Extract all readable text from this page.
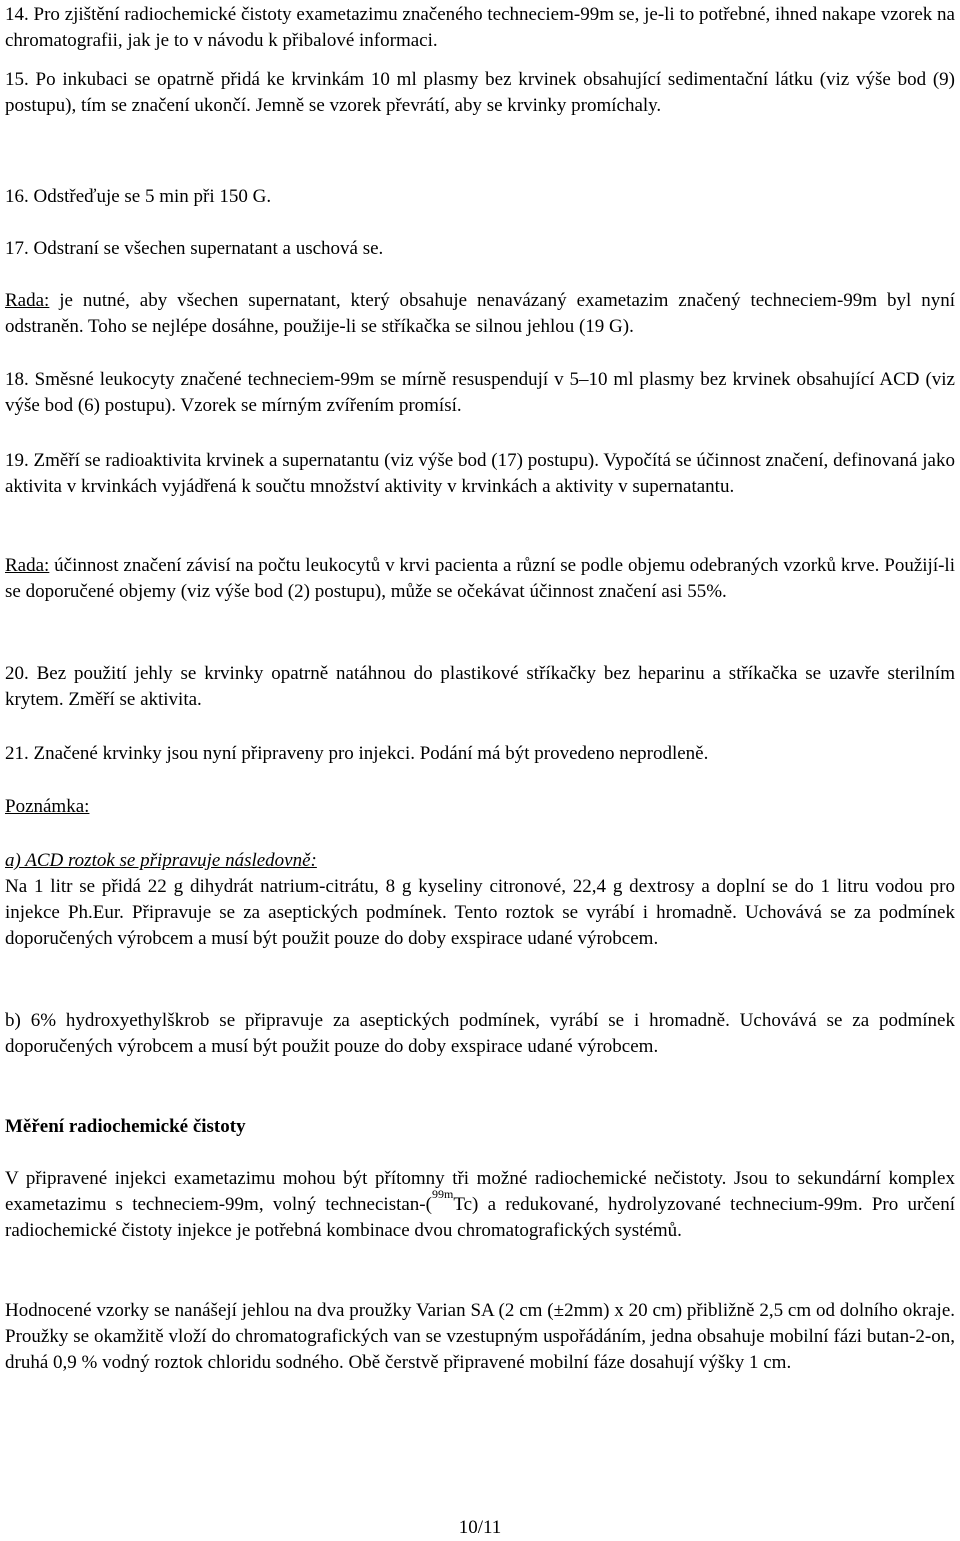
14. Pro zjištění radiochemické čistoty exametazimu značeného techneciem-99m se, je-li to potřebné, ihned nakape vzorek na chromatografii, jak je to v návodu k přibalové informaci.

15. Po inkubaci se opatrně přidá ke krvinkám 10 ml plasmy bez krvinek obsahující sedimentační látku (viz výše bod (9) postupu), tím se značení ukončí. Jemně se vzorek převrátí, aby se krvinky promíchaly.

16. Odstřeďuje se 5 min při 150 G.

17. Odstraní se všechen supernatant a uschová se.

Rada: je nutné, aby všechen supernatant, který obsahuje nenavázaný exametazim značený techneciem-99m byl nyní odstraněn. Toho se nejlépe dosáhne, použije-li se stříkačka se silnou jehlou (19 G).

18. Směsné leukocyty značené techneciem-99m se mírně resuspendují v 5–10 ml plasmy bez krvinek obsahující ACD (viz výše bod (6) postupu). Vzorek se mírným zvířením promísí.

19. Změří se radioaktivita krvinek a supernatantu (viz výše bod (17) postupu). Vypočítá se účinnost značení, definovaná jako aktivita v krvinkách vyjádřená k součtu množství aktivity v krvinkách a aktivity v supernatantu.

Rada: účinnost značení závisí na počtu leukocytů v krvi pacienta a různí se podle objemu odebraných vzorků krve. Použijí-li se doporučené objemy (viz výše bod (2) postupu), může se očekávat účinnost značení asi 55%.

20. Bez použití jehly se krvinky opatrně natáhnou do plastikové stříkačky bez heparinu a stříkačka se uzavře sterilním krytem. Změří se aktivita.

21. Značené krvinky jsou nyní připraveny pro injekci. Podání má být provedeno neprodleně.

Poznámka:

a) ACD roztok se připravuje následovně:

Na 1 litr se přidá 22 g dihydrát natrium-citrátu, 8 g kyseliny citronové, 22,4 g dextrosy a doplní se do 1 litru vodou pro injekce Ph.Eur. Připravuje se za aseptických podmínek. Tento roztok se vyrábí i hromadně. Uchovává se za podmínek doporučených výrobcem a musí být použit pouze do doby exspirace udané výrobcem.

b) 6% hydroxyethylškrob se připravuje za aseptických podmínek, vyrábí se i hromadně. Uchovává se za podmínek doporučených výrobcem a musí být použit pouze do doby exspirace udané výrobcem.

Měření radiochemické čistoty

V připravené injekci exametazimu mohou být přítomny tři možné radiochemické nečistoty. Jsou to sekundární komplex exametazimu s techneciem-99m, volný technecistan-($^{99m}$Tc) a redukované, hydrolyzované technecium-99m. Pro určení radiochemické čistoty injekce je potřebná kombinace dvou chromatografických systémů.

Hodnocené vzorky se nanášejí jehlou na dva proužky Varian SA (2 cm (±2mm) x 20 cm) přibližně 2,5 cm od dolního okraje. Proužky se okamžitě vloží do chromatografických van se vzestupným uspořádáním, jedna obsahuje mobilní fázi butan-2-on, druhá 0,9 % vodný roztok chloridu sodného. Obě čerstvě připravené mobilní fáze dosahují výšky 1 cm.

10/11
